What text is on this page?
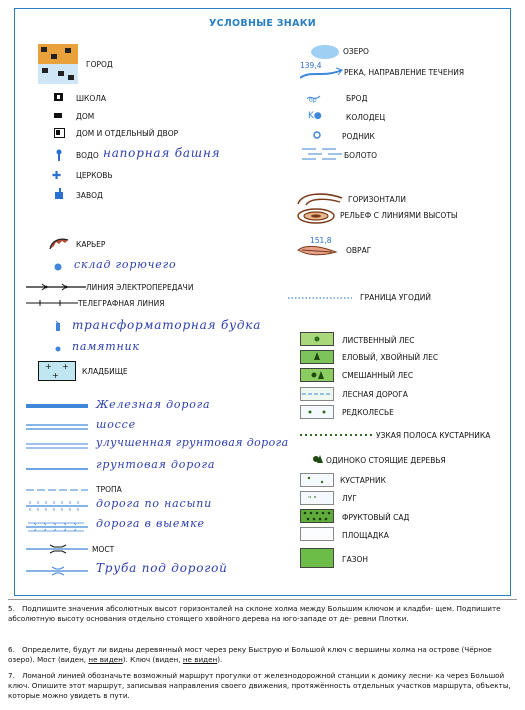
УСЛОВНЫЕ ЗНАКИ
ГОРОД
ШКОЛА
ДОМ
ДОМ И ОТДЕЛЬНЫЙ ДВОР
ВОДО напорная башня
✚ ЦЕРКОВЬ
ЗАВОД
КАРЬЕР
склад горючего
ЛИНИЯ ЭЛЕКТРОПЕРЕДАЧИ
ТЕЛЕГРАФНАЯ ЛИНИЯ
трансформаторная будка
памятник
+ +
+	КЛАДБИЩЕ
Железная дорога
шоссе
улучшенная грунтовая дорога
грунтовая дорога
ТРОПА
дорога по насыпи
дорога в выемке
МОСТ
Труба под дорогой
ОЗЕРО
139,4
РЕКА, НАПРАВЛЕНИЕ ТЕЧЕНИЯ
бр	БРОД
K●	КОЛОДЕЦ
РОДНИК
БОЛОТО
ГОРИЗОНТАЛИ
РЕЛЬЕФ С ЛИНИЯМИ ВЫСОТЫ
151,8
ОВРАГ
ГРАНИЦА УГОДИЙ
ЛИСТВЕННЫЙ ЛЕС
ЕЛОВЫЙ, ХВОЙНЫЙ ЛЕС
СМЕШАННЫЙ ЛЕС
ЛЕСНАЯ ДОРОГА
РЕДКОЛЕСЬЕ
УЗКАЯ ПОЛОСА КУСТАРНИКА
ОДИНОКО СТОЯЩИЕ ДЕРЕВЬЯ
КУСТАРНИК
" "	ЛУГ
ФРУКТОВЫЙ САД
ПЛОЩАДКА
ГАЗОН
5. Подпишите значения абсолютных высот горизонталей на склоне холма между Большим ключом и кладби- щем. Подпишите абсолютную высоту основания отдельно стоящего хвойного дерева на юго-западе от де- ревни Плотки.
6. Определите, будут ли видны деревянный мост через реку Быструю и Большой ключ с вершины холма на острове (Чёрное озеро). Мост (виден, не виден). Ключ (виден, не виден).
7. Ломаной линией обозначьте возможный маршрут прогулки от железнодорожной станции к домику лесни- ка через Большой ключ. Опишите этот маршрут, записывая направления своего движения, протяжённость отдельных участков маршрута, объекты, которые можно увидеть в пути.
